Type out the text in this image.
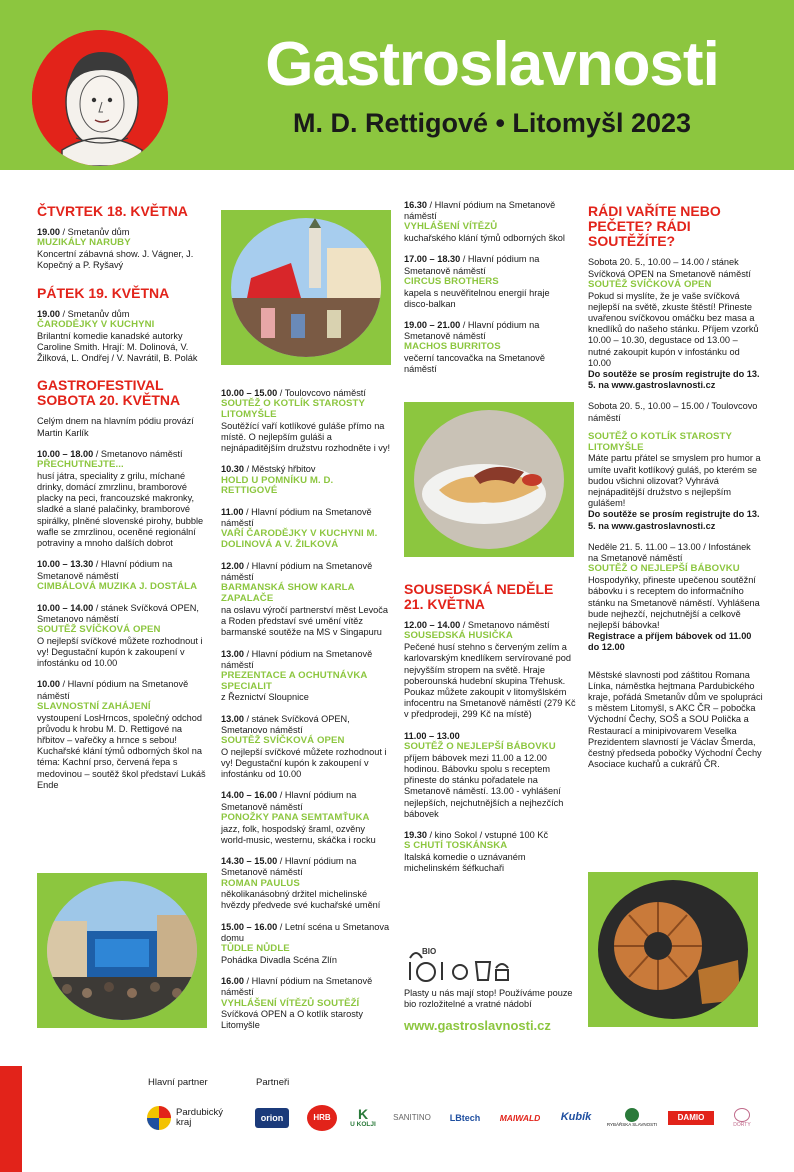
Gastroslavnosti
M. D. Rettigové • Litomyšl 2023
ČTVRTEK 18. KVĚTNA
19.00 / Smetanův dům
MUZIKÁLY NARUBY
Koncertní zábavná show. J. Vágner, J. Kopečný a P. Ryšavý
PÁTEK 19. KVĚTNA
19.00 / Smetanův dům
ČARODĚJKY V KUCHYNI
Brilantní komedie kanadské autorky Caroline Smith. Hrají: M. Dolinová, V. Žilková, L. Ondřej / V. Navrátil, B. Polák
GASTROFESTIVAL SOBOTA 20. KVĚTNA
Celým dnem na hlavním pódiu provází Martin Karlík
10.00 – 18.00 / Smetanovo náměstí
PŘECHUTNEJTE...
husí játra, speciality z grilu, míchané drinky, domácí zmrzlinu, bramborové placky na peci, francouzské makronky, sladké a slané palačinky, bramborové spirálky, plněné slovenské pirohy, bubble wafle se zmrzlinou, oceněné regionální potraviny a mnoho dalších dobrot
10.00 – 13.30 / Hlavní pódium na Smetanově náměstí
CIMBÁLOVÁ MUZIKA J. DOSTÁLA
10.00 – 14.00 / stánek Svíčková OPEN, Smetanovo náměstí
SOUTĚŽ SVÍČKOVÁ OPEN
O nejlepší svíčkové můžete rozhodnout i vy! Degustační kupón k zakoupení v infostánku od 10.00
10.00 / Hlavní pódium na Smetanově náměstí
SLAVNOSTNÍ ZAHÁJENÍ
vystoupení LosHrncos, společný odchod průvodu k hrobu M. D. Rettigové na hřbitov – vařečky a hrnce s sebou! Kuchařské klání týmů odborných škol na téma: Kachní prso, červená řepa s medovinou – soutěž škol představí Lukáš Ende
10.00 – 15.00 / Toulovcovo náměstí
SOUTĚŽ O KOTLÍK STAROSTY LITOMYŠLE
Soutěžící vaří kotlíkové guláše přímo na místě. O nejlepším guláši a nejnápaditějším družstvu rozhodněte i vy!
10.30 / Městský hřbitov
HOLD U POMNÍKU M. D. RETTIGOVÉ
11.00 / Hlavní pódium na Smetanově náměstí
VAŘÍ ČARODĚJKY V KUCHYNI M. DOLINOVÁ A V. ŽILKOVÁ
12.00 / Hlavní pódium na Smetanově náměstí
BARMANSKÁ SHOW KARLA ZAPALAČE
na oslavu výročí partnerství měst Levoča a Roden představí své umění vítěz barmanské soutěže na MS v Singapuru
13.00 / Hlavní pódium na Smetanově náměstí
PREZENTACE A OCHUTNÁVKA SPECIALIT
z Řeznictví Sloupnice
13.00 / stánek Svíčková OPEN, Smetanovo náměstí
SOUTĚŽ SVÍČKOVÁ OPEN
O nejlepší svíčkové můžete rozhodnout i vy! Degustační kupón k zakoupení v infostánku od 10.00
14.00 – 16.00 / Hlavní pódium na Smetanově náměstí
PONOŽKY PANA SEMTAMŤUKA
jazz, folk, hospodský šraml, ozvěny world-music, westernu, skáčka i rocku
14.30 – 15.00 / Hlavní pódium na Smetanově náměstí
ROMAN PAULUS
několikanásobný držitel michelinské hvězdy předvede své kuchařské umění
15.00 – 16.00 / Letní scéna u Smetanova domu
TŮDLE NŮDLE
Pohádka Divadla Scéna Zlín
16.00 / Hlavní pódium na Smetanově náměstí
VYHLÁŠENÍ VÍTĚZŮ SOUTĚŽÍ
Svíčková OPEN a O kotlík starosty Litomyšle
16.30 / Hlavní pódium na Smetanově náměstí
VYHLÁŠENÍ VÍTĚZŮ
kuchařského klání týmů odborných škol
17.00 – 18.30 / Hlavní pódium na Smetanově náměstí
CIRCUS BROTHERS
kapela s neuvěřitelnou energií hraje disco-balkan
19.00 – 21.00 / Hlavní pódium na Smetanově náměstí
MACHOS BURRITOS
večerní tancovačka na Smetanově náměstí
SOUSEDSKÁ NEDĚLE 21. KVĚTNA
12.00 – 14.00 / Smetanovo náměstí
SOUSEDSKÁ HUSIČKA
Pečené husí stehno s červeným zelím a karlovarským knedlíkem servírované pod nejvyšším stropem na světě. Hraje poberounská hudební skupina Třehusk. Poukaz můžete zakoupit v litomyšlském infocentru na Smetanově náměstí (279 Kč v předprodeji, 299 Kč na místě)
11.00 – 13.00
SOUTĚŽ O NEJLEPŠÍ BÁBOVKU
příjem bábovek mezi 11.00 a 12.00 hodinou. Bábovku spolu s receptem přineste do stánku pořadatele na Smetanově náměstí. 13.00 - vyhlášení nejlepších, nejchutnějších a nejhezčích bábovek
19.30 / kino Sokol / vstupné 100 Kč
S CHUTÍ TOSKÁNSKA
Italská komedie o uznávaném michelinském šéfkuchaři
BIO
Plasty u nás mají stop! Používáme pouze bio rozložitelné a vratné nádobí
www.gastroslavnosti.cz
RÁDI VAŘÍTE NEBO PEČETE? RÁDI SOUTĚŽÍTE?
Sobota 20. 5., 10.00 – 14.00 / stánek Svíčková OPEN na Smetanově náměstí
SOUTĚŽ SVÍČKOVÁ OPEN
Pokud si myslíte, že je vaše svíčková nejlepší na světě, zkuste štěstí! Přineste uvařenou svíčkovou omáčku bez masa a knedlíků do našeho stánku. Příjem vzorků 10.00 – 10.30, degustace od 13.00 – nutné zakoupit kupón v infostánku od 10.00
Do soutěže se prosím registrujte do 13. 5. na www.gastroslavnosti.cz
Sobota 20. 5., 10.00 – 15.00 / Toulovcovo náměstí
SOUTĚŽ O KOTLÍK STAROSTY LITOMYŠLE
Máte partu přátel se smyslem pro humor a umíte uvařit kotlíkový guláš, po kterém se budou všichni olizovat? Vyhrává nejnápaditější družstvo s nejlepším gulášem!
Do soutěže se prosím registrujte do 13. 5. na www.gastroslavnosti.cz
Neděle 21. 5. 11.00 – 13.00 / Infostánek na Smetanově náměstí
SOUTĚŽ O NEJLEPŠÍ BÁBOVKU
Hospodyňky, přineste upečenou soutěžní bábovku i s receptem do informačního stánku na Smetanově náměstí. Vyhlášena bude nejhezčí, nejchutnější a celkově nejlepší bábovka!
Registrace a příjem bábovek od 11.00 do 12.00
Městské slavnosti pod záštitou Romana Línka, náměstka hejtmana Pardubického kraje, pořádá Smetanův dům ve spolupráci s městem Litomyšl, s AKC ČR – pobočka Východní Čechy, SOŠ a SOU Polička a Restaurací a minipivovarem Veselka Prezidentem slavností je Václav Šmerda, čestný předseda pobočky Východní Čechy Asociace kuchařů a cukrářů ČR.
Hlavní partner	Partneři
Pardubický
kraj	orion	HRB K
U KOLJI
SANITINO LBtech MAIWALD Kubík
RYBÁŘSKA SLAVNOSTI
DAMIO
DORTY
